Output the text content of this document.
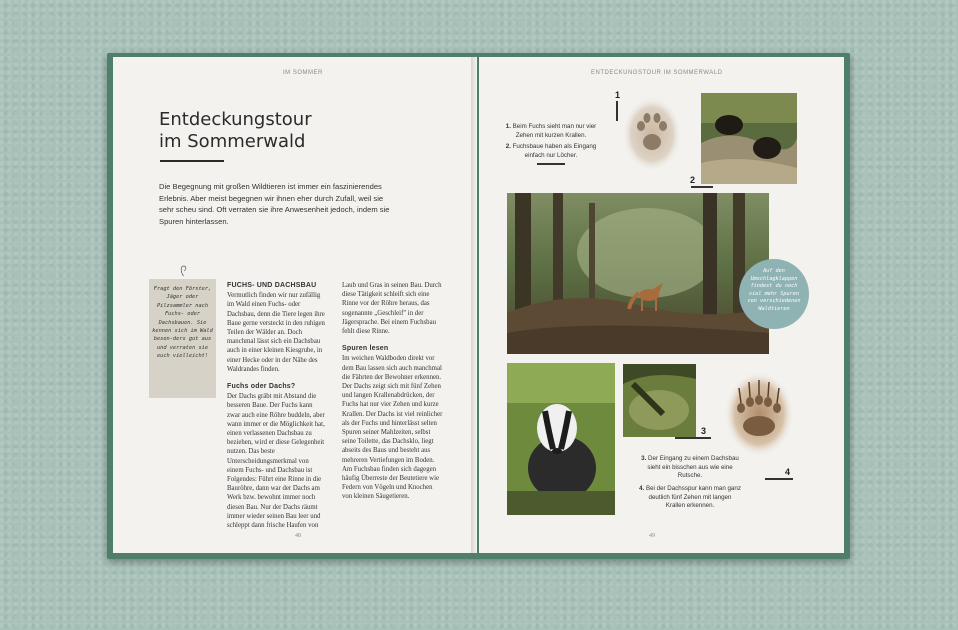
IM SOMMER
Entdeckungstour
im Sommerwald
Die Begegnung mit großen Wildtieren ist immer ein faszinierendes Erlebnis. Aber meist begegnen wir ihnen eher durch Zufall, weil sie sehr scheu sind. Oft verraten sie ihre Anwesenheit jedoch, indem sie Spuren hinterlassen.
Fragt den Förster, Jäger oder Pilzsammler nach Fuchs- oder Dachsbauen. Sie kennen sich im Wald beson-ders gut aus und verraten sie euch vielleicht!
FUCHS- UND DACHSBAU

Vermutlich finden wir nur zufällig im Wald einen Fuchs- oder Dachsbau, denn die Tiere legen ihre Baue gerne versteckt in den ruhigen Teilen der Wälder an. Doch manchmal lässt sich ein Dachsbau auch in einer kleinen Kiesgrube, in einer Hecke oder in der Nähe des Waldrandes finden.

Fuchs oder Dachs?

Der Dachs gräbt mit Abstand die besseren Baue. Der Fuchs kann zwar auch eine Röhre buddeln, aber wann immer er die Möglichkeit hat, einen verlassenen Dachsbau zu beziehen, wird er diese Gelegenheit nutzen. Das beste Unterscheidungsmerkmal von einem Fuchs- und Dachsbau ist Folgendes: Führt eine Rinne in die Bauröhre, dann war der Dachs am Werk bzw. bewohnt immer noch diesen Bau. Nur der Dachs räumt immer wieder seinen Bau leer und schleppt dann frische Haufen von

Laub und Gras in seinen Bau. Durch diese Tätigkeit schleift sich eine Rinne vor der Röhre heraus, das sogenannte „Geschleif" in der Jägersprache. Bei einem Fuchsbau fehlt diese Rinne.

Spuren lesen

Im weichen Waldboden direkt vor dem Bau lassen sich auch manchmal die Fährten der Bewohner erkennen. Der Dachs zeigt sich mit fünf Zehen und langen Krallenabdrücken, der Fuchs hat nur vier Zehen und kurze Krallen. Der Dachs ist viel reinlicher als der Fuchs und hinterlässt selten Spuren seiner Mahlzeiten, selbst seine Toilette, das Dachsklo, liegt abseits des Baus und besteht aus mehreren Vertiefungen im Boden. Am Fuchsbau finden sich dagegen häufig Überreste der Beutetiere wie Federn von Vögeln und Knochen von kleinen Säugetieren.

48
ENTDECKUNGSTOUR IM SOMMERWALD
1. Beim Fuchs sieht man nur vier Zehen mit kurzen Krallen.
2. Fuchsbaue haben als Eingang einfach nur Löcher.
1
2
Auf den Umschlagklappen findest du noch viel mehr Spuren von verschiedenen Waldtieren
3
4
3. Der Eingang zu einem Dachsbau sieht ein bisschen aus wie eine Rutsche.
4. Bei der Dachsspur kann man ganz deutlich fünf Zehen mit langen Krallen erkennen.
49
